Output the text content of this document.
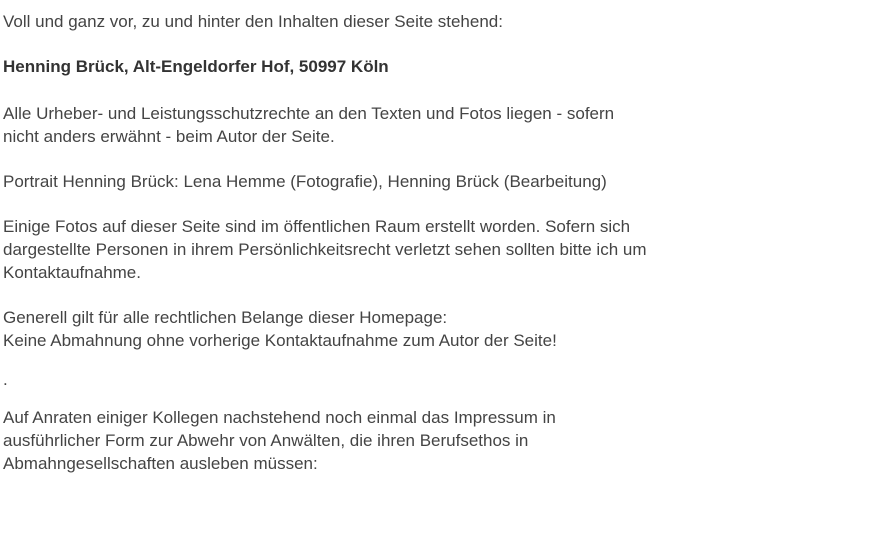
Voll und ganz vor, zu und hinter den Inhalten dieser Seite stehend:

Henning Brück, Alt-Engeldorfer Hof, 50997 Köln

Alle Urheber- und Leistungsschutzrechte an den Texten und Fotos liegen - sofern
nicht anders erwähnt - beim Autor der Seite.

Portrait Henning Brück: Lena Hemme (Fotografie), Henning Brück (Bearbeitung)

Einige Fotos auf dieser Seite sind im öffentlichen Raum erstellt worden. Sofern sich
dargestellte Personen in ihrem Persönlichkeitsrecht verletzt sehen sollten bitte ich um
Kontaktaufnahme.

Generell gilt für alle rechtlichen Belange dieser Homepage:
Keine Abmahnung ohne vorherige Kontaktaufnahme zum Autor der Seite!

.

Auf Anraten einiger Kollegen nachstehend noch einmal das Impressum in
ausführlicher Form zur Abwehr von Anwälten, die ihren Berufsethos in
Abmahngesellschaften ausleben müssen:
